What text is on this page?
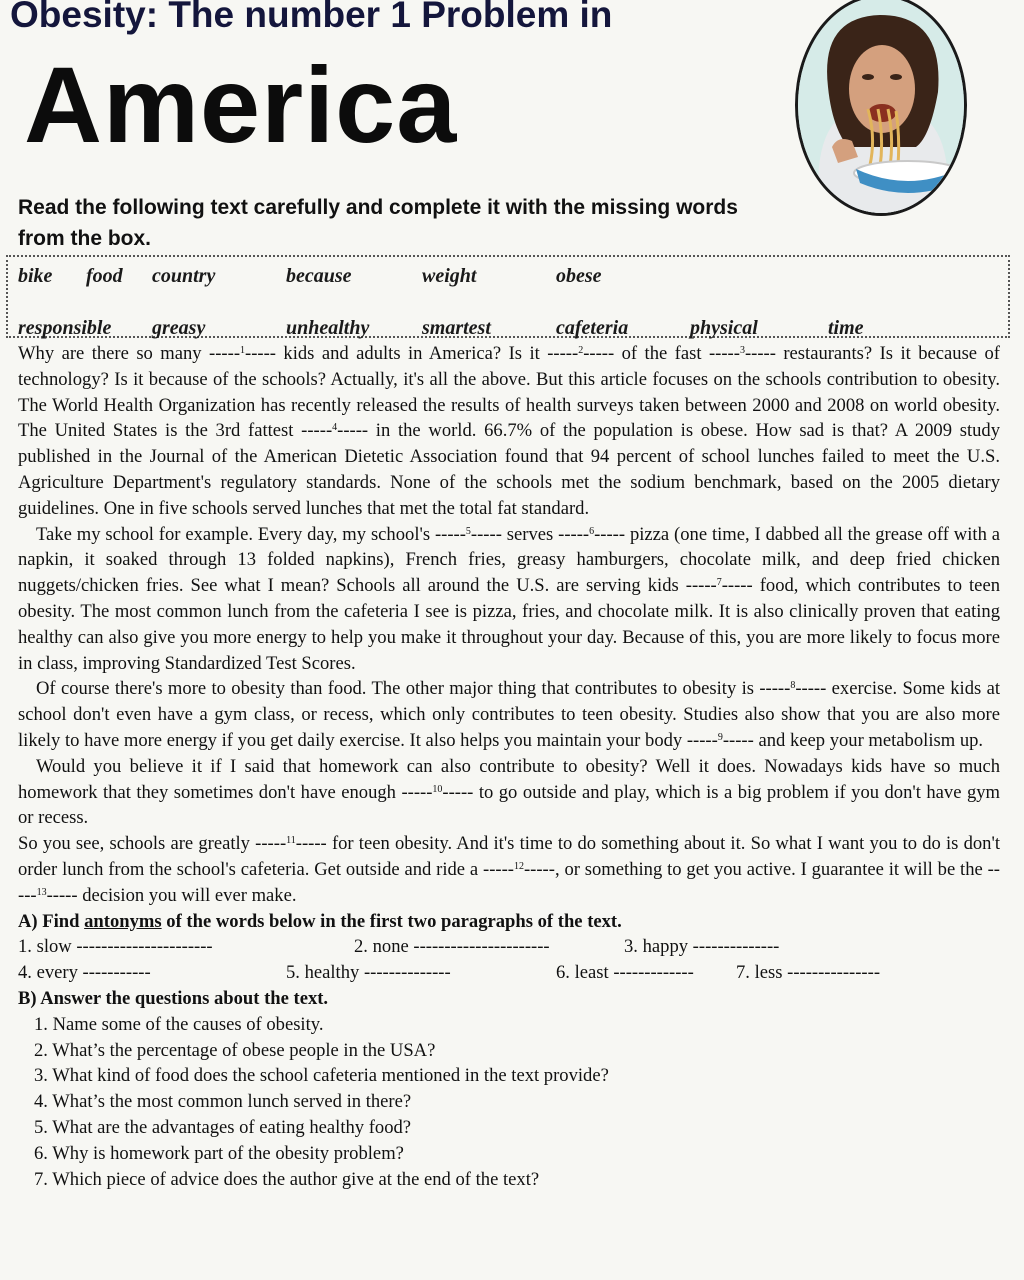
Obesity: The number 1 Problem in
America

Read the following text carefully and complete it with the missing words from the box.

bike food country	because	weight	obese
responsible greasy	unhealthy	smartest	cafeteria	physical	time

Why are there so many -----$^1$----- kids and adults in America? Is it -----$^2$----- of the fast -----$^3$----- restaurants? Is it because of technology? Is it because of the schools? Actually, it's all the above. But this article focuses on the schools contribution to obesity. The World Health Organization has recently released the results of health surveys taken between 2000 and 2008 on world obesity. The United States is the 3rd fattest -----$^4$----- in the world. 66.7% of the population is obese. How sad is that? A 2009 study published in the Journal of the American Dietetic Association found that 94 percent of school lunches failed to meet the U.S. Agriculture Department's regulatory standards. None of the schools met the sodium benchmark, based on the 2005 dietary guidelines. One in five schools served lunches that met the total fat standard.

Take my school for example. Every day, my school's -----$^5$----- serves -----$^6$----- pizza (one time, I dabbed all the grease off with a napkin, it soaked through 13 folded napkins), French fries, greasy hamburgers, chocolate milk, and deep fried chicken nuggets/chicken fries. See what I mean? Schools all around the U.S. are serving kids -----$^7$----- food, which contributes to teen obesity. The most common lunch from the cafeteria I see is pizza, fries, and chocolate milk. It is also clinically proven that eating healthy can also give you more energy to help you make it throughout your day. Because of this, you are more likely to focus more in class, improving Standardized Test Scores.

Of course there's more to obesity than food. The other major thing that contributes to obesity is -----$^8$----- exercise. Some kids at school don't even have a gym class, or recess, which only contributes to teen obesity. Studies also show that you are also more likely to have more energy if you get daily exercise. It also helps you maintain your body -----$^9$----- and keep your metabolism up.

Would you believe it if I said that homework can also contribute to obesity? Well it does. Nowadays kids have so much homework that they sometimes don't have enough -----$^{10}$----- to go outside and play, which is a big problem if you don't have gym or recess.

So you see, schools are greatly -----$^{11}$----- for teen obesity. And it's time to do something about it. So what I want you to do is don't order lunch from the school's cafeteria. Get outside and ride a -----$^{12}$-----, or something to get you active. I guarantee it will be the -----$^{13}$----- decision you will ever make.

A) Find antonyms of the words below in the first two paragraphs of the text.

1. slow ----------------------	2. none ----------------------	3. happy --------------
4. every -----------	5. healthy --------------	6. least ------------- 7. less ---------------

B) Answer the questions about the text.

1. Name some of the causes of obesity.

2. What’s the percentage of obese people in the USA?

3. What kind of food does the school cafeteria mentioned in the text provide?

4. What’s the most common lunch served in there?

5. What are the advantages of eating healthy food?

6. Why is homework part of the obesity problem?

7. Which piece of advice does the author give at the end of the text?
